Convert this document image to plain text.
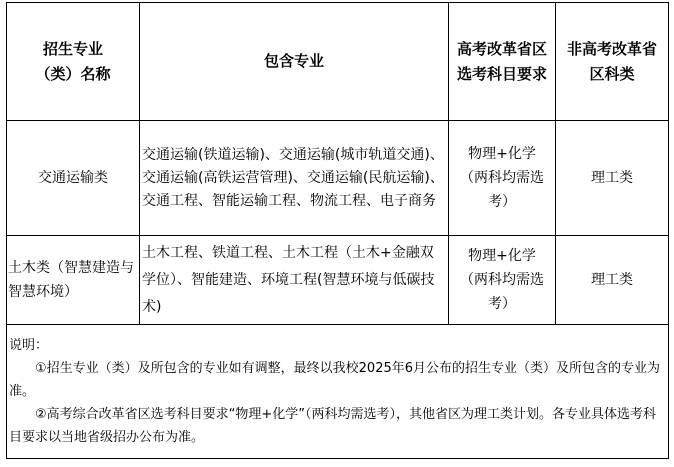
招生专业（类）名称	包含专业	高考改革省区选考科目要求	非高考改革省区科类

交通运输类	交通运输(铁道运输)、交通运输(城市轨道交通)、交通运输(高铁运营管理)、交通运输(民航运输)、交通工程、智能运输工程、物流工程、电子商务	物理+化学（两科均需选考）	理工类

土木类（智慧建造与智慧环境）	土木工程、铁道工程、土木工程（土木+金融双学位）、智能建造、环境工程(智慧环境与低碳技术)	物理+化学（两科均需选考）	理工类

说明：
①招生专业（类）及所包含的专业如有调整，最终以我校2025年6月公布的招生专业（类）及所包含的专业为准。
②高考综合改革省区选考科目要求“物理+化学”（两科均需选考），其他省区为理工类计划。各专业具体选考科目要求以当地省级招办公布为准。			
